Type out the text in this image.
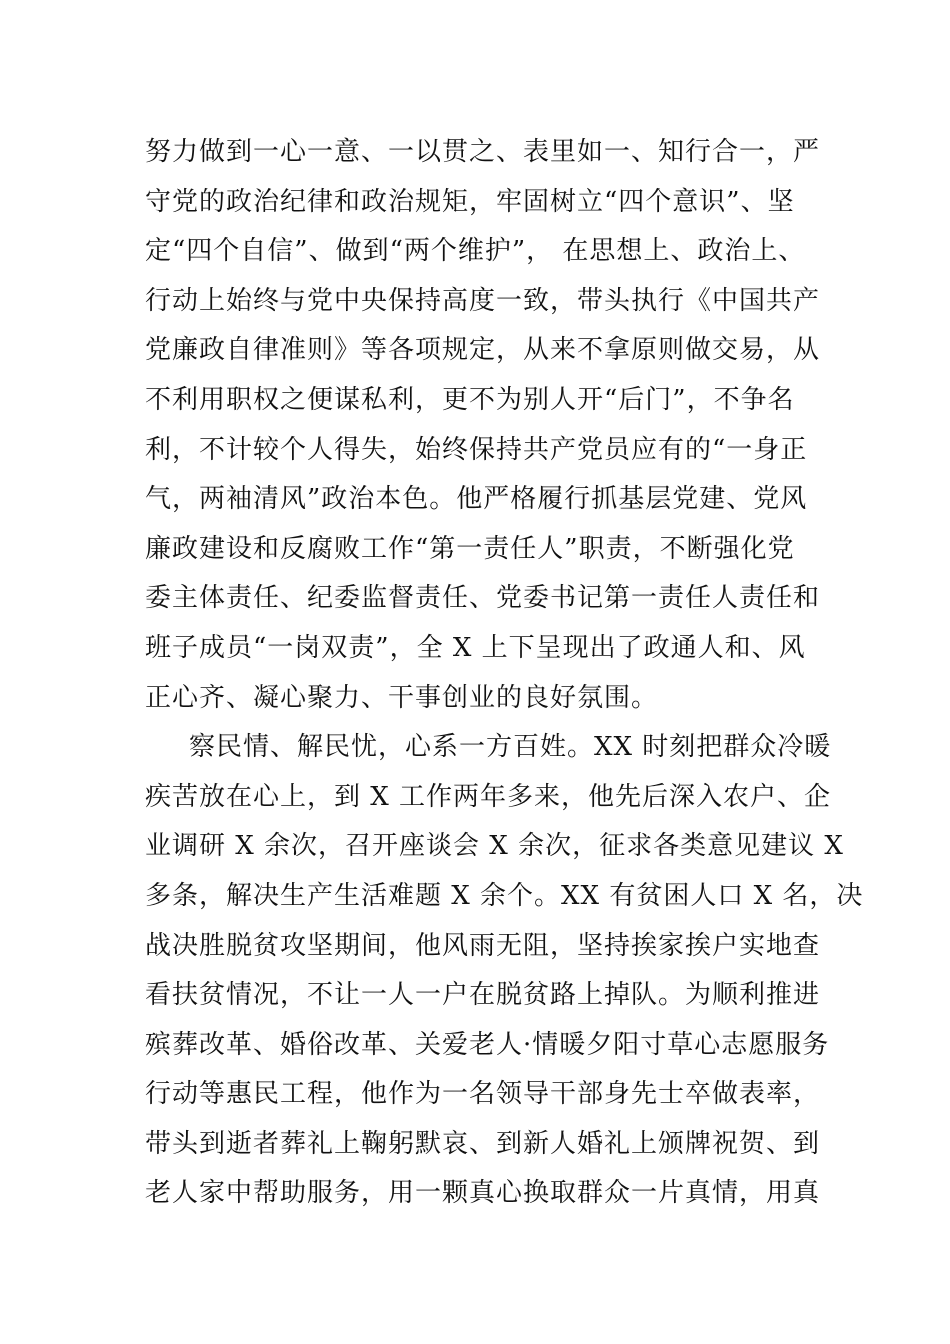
努力做到一心一意、一以贯之、表里如一、知行合一，严
守党的政治纪律和政治规矩，牢固树立“四个意识”、坚
定“四个自信”、做到“两个维护”， 在思想上、政治上、
行动上始终与党中央保持高度一致，带头执行《中国共产
党廉政自律准则》等各项规定，从来不拿原则做交易，从
不利用职权之便谋私利，更不为别人开“后门”，不争名
利，不计较个人得失，始终保持共产党员应有的“一身正
气，两袖清风”政治本色。他严格履行抓基层党建、党风
廉政建设和反腐败工作“第一责任人”职责，不断强化党
委主体责任、纪委监督责任、党委书记第一责任人责任和
班子成员“一岗双责”，全 X 上下呈现出了政通人和、风
正心齐、凝心聚力、干事创业的良好氛围。
察民情、解民忧，心系一方百姓。XX 时刻把群众冷暖
疾苦放在心上，到 X 工作两年多来，他先后深入农户、企
业调研 X 余次，召开座谈会 X 余次，征求各类意见建议 X
多条，解决生产生活难题 X 余个。XX 有贫困人口 X 名，决
战决胜脱贫攻坚期间，他风雨无阻，坚持挨家挨户实地查
看扶贫情况，不让一人一户在脱贫路上掉队。为顺利推进
殡葬改革、婚俗改革、关爱老人·情暖夕阳寸草心志愿服务
行动等惠民工程，他作为一名领导干部身先士卒做表率，
带头到逝者葬礼上鞠躬默哀、到新人婚礼上颁牌祝贺、到
老人家中帮助服务，用一颗真心换取群众一片真情，用真
